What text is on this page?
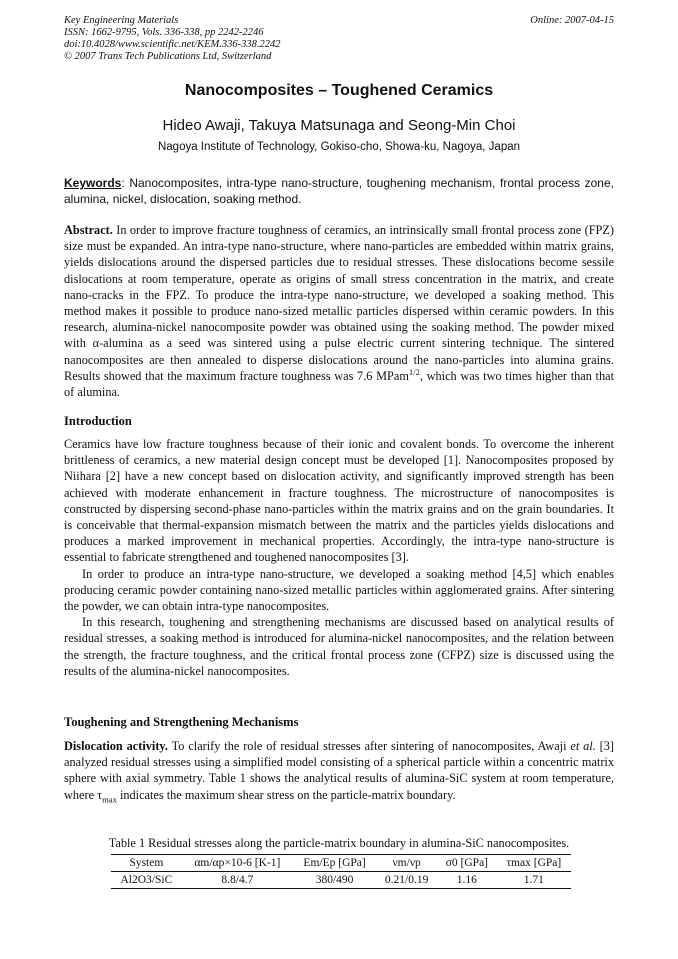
Key Engineering Materials
ISSN: 1662-9795, Vols. 336-338, pp 2242-2246
doi:10.4028/www.scientific.net/KEM.336-338.2242
© 2007 Trans Tech Publications Ltd, Switzerland
Online: 2007-04-15
Nanocomposites – Toughened Ceramics
Hideo Awaji, Takuya Matsunaga and Seong-Min Choi
Nagoya Institute of Technology, Gokiso-cho, Showa-ku, Nagoya, Japan
Keywords: Nanocomposites, intra-type nano-structure, toughening mechanism, frontal process zone, alumina, nickel, dislocation, soaking method.

Abstract. In order to improve fracture toughness of ceramics, an intrinsically small frontal process zone (FPZ) size must be expanded. An intra-type nano-structure, where nano-particles are embedded within matrix grains, yields dislocations around the dispersed particles due to residual stresses. These dislocations become sessile dislocations at room temperature, operate as origins of small stress concentration in the matrix, and create nano-cracks in the FPZ. To produce the intra-type nano-structure, we developed a soaking method. This method makes it possible to produce nano-sized metallic particles dispersed within ceramic powders. In this research, alumina-nickel nanocomposite powder was obtained using the soaking method. The powder mixed with α-alumina as a seed was sintered using a pulse electric current sintering technique. The sintered nanocomposites are then annealed to disperse dislocations around the nano-particles into alumina grains. Results showed that the maximum fracture toughness was 7.6 MPam$^{1/2}$, which was two times higher than that of alumina.

Introduction

Ceramics have low fracture toughness because of their ionic and covalent bonds. To overcome the inherent brittleness of ceramics, a new material design concept must be developed [1]. Nanocomposites proposed by Niihara [2] have a new concept based on dislocation activity, and significantly improved strength has been achieved with moderate enhancement in fracture toughness. The microstructure of nanocomposites is constructed by dispersing second-phase nano-particles within the matrix grains and on the grain boundaries. It is conceivable that thermal-expansion mismatch between the matrix and the particles yields dislocations and produces a marked improvement in mechanical properties. Accordingly, the intra-type nano-structure is essential to fabricate strengthened and toughened nanocomposites [3].

In order to produce an intra-type nano-structure, we developed a soaking method [4,5] which enables producing ceramic powder containing nano-sized metallic particles within agglomerated grains. After sintering the powder, we can obtain intra-type nanocomposites.

In this research, toughening and strengthening mechanisms are discussed based on analytical results of residual stresses, a soaking method is introduced for alumina-nickel nanocomposites, and the relation between the strength, the fracture toughness, and the critical frontal process zone (CFPZ) size is discussed using the results of the alumina-nickel nanocomposites.

Toughening and Strengthening Mechanisms

Dislocation activity. To clarify the role of residual stresses after sintering of nanocomposites, Awaji et al. [3] analyzed residual stresses using a simplified model consisting of a spherical particle within a concentric matrix sphere with axial symmetry. Table 1 shows the analytical results of alumina-SiC system at room temperature, where $\tau_{max}$ indicates the maximum shear stress on the particle-matrix boundary.

Table 1 Residual stresses along the particle-matrix boundary in alumina-SiC nanocomposites.
System	αm/αp×10-6 [K-1]	Em/Ep [GPa]	νm/νp	σ0 [GPa]	τmax [GPa]
Al2O3/SiC	8.8/4.7	380/490	0.21/0.19	1.16	1.71
